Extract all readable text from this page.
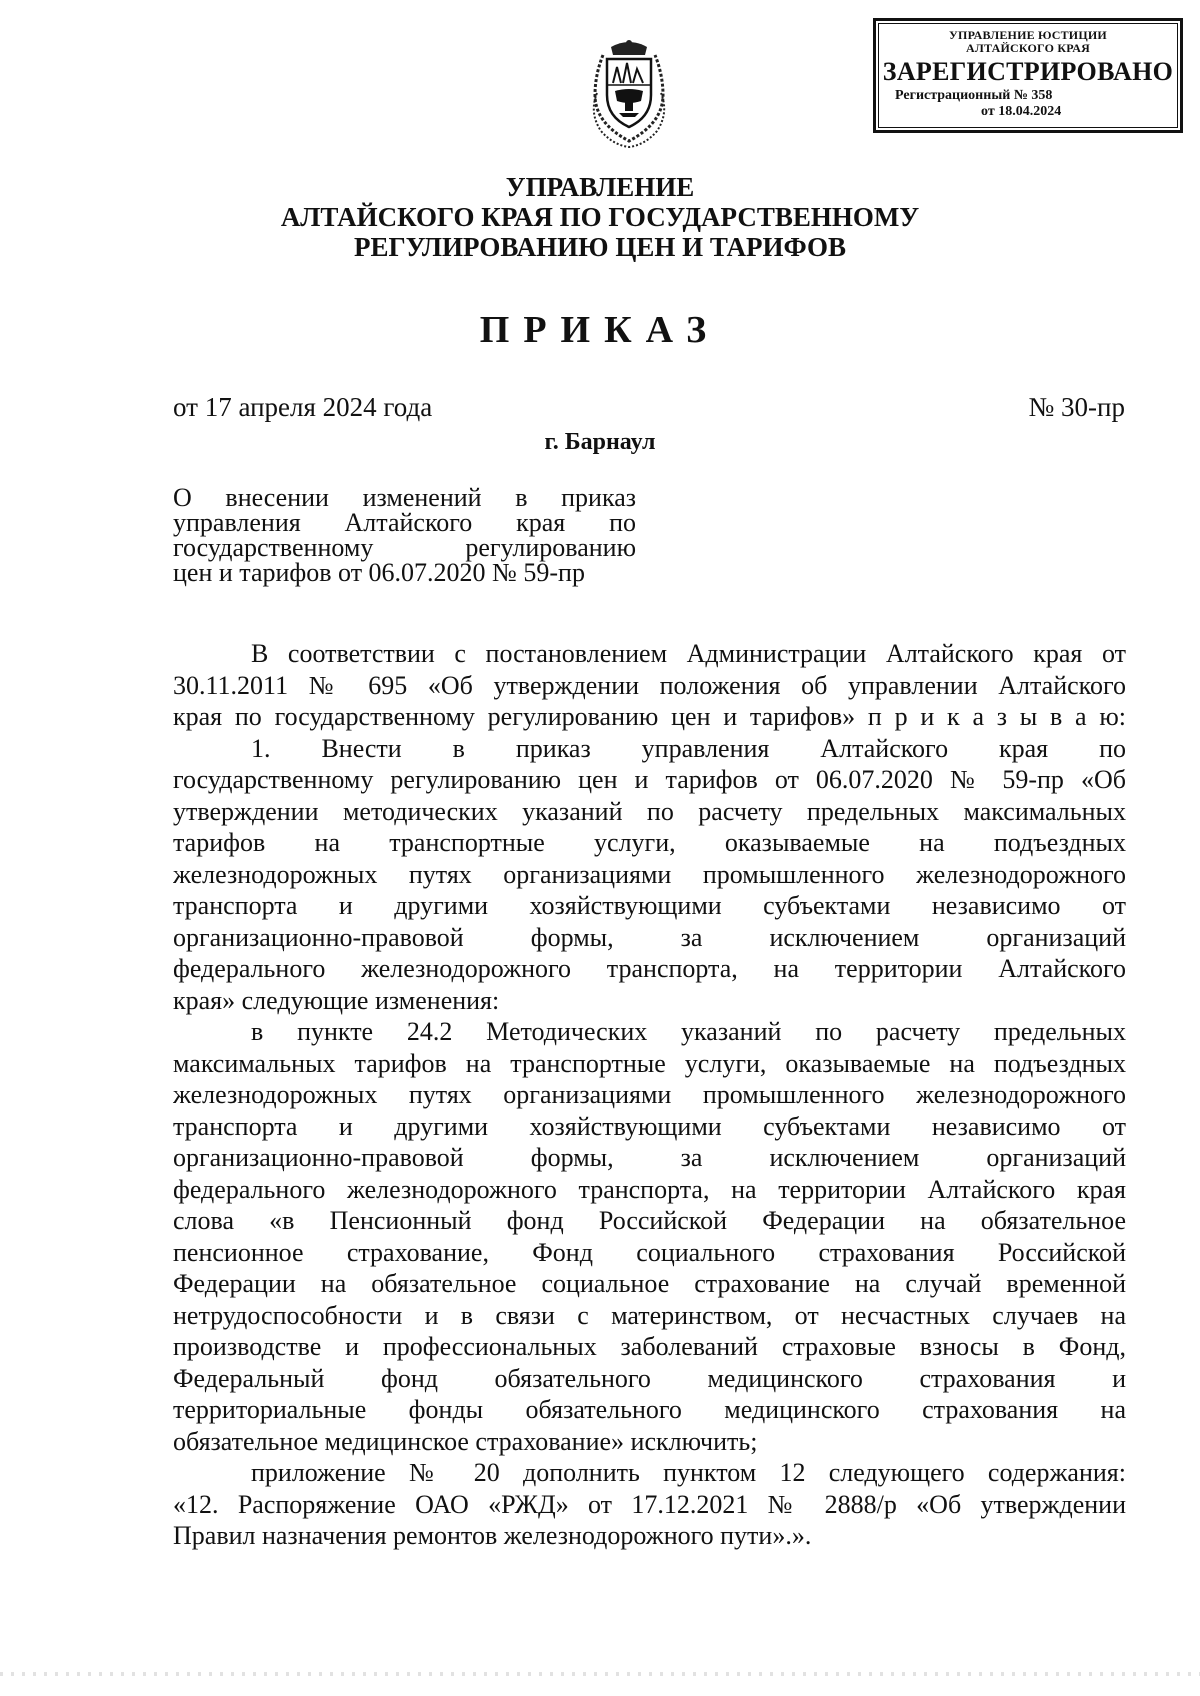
УПРАВЛЕНИЕ ЮСТИЦИИ
АЛТАЙСКОГО КРАЯ
ЗАРЕГИСТРИРОВАНО
Регистрационный № 358
от 18.04.2024
УПРАВЛЕНИЕ
АЛТАЙСКОГО КРАЯ ПО ГОСУДАРСТВЕННОМУ
РЕГУЛИРОВАНИЮ ЦЕН И ТАРИФОВ
ПРИКАЗ
от 17 апреля 2024 года	№ 30-пр
г. Барнаул
О внесении изменений в приказ
управления Алтайского края по
государственному регулированию
цен и тарифов от 06.07.2020 № 59-пр
В соответствии с постановлением Администрации Алтайского края от
30.11.2011 № 695 «Об утверждении положения об управлении Алтайского
края по государственному регулированию цен и тарифов» п р и к а з ы в а ю:
1. Внести в приказ управления Алтайского края по
государственному регулированию цен и тарифов от 06.07.2020 № 59-пр «Об
утверждении методических указаний по расчету предельных максимальных
тарифов на транспортные услуги, оказываемые на подъездных
железнодорожных путях организациями промышленного железнодорожного
транспорта и другими хозяйствующими субъектами независимо от
организационно-правовой формы, за исключением организаций
федерального железнодорожного транспорта, на территории Алтайского
края» следующие изменения:
в пункте 24.2 Методических указаний по расчету предельных
максимальных тарифов на транспортные услуги, оказываемые на подъездных
железнодорожных путях организациями промышленного железнодорожного
транспорта и другими хозяйствующими субъектами независимо от
организационно-правовой формы, за исключением организаций
федерального железнодорожного транспорта, на территории Алтайского края
слова «в Пенсионный фонд Российской Федерации на обязательное
пенсионное страхование, Фонд социального страхования Российской
Федерации на обязательное социальное страхование на случай временной
нетрудоспособности и в связи с материнством, от несчастных случаев на
производстве и профессиональных заболеваний страховые взносы в Фонд,
Федеральный фонд обязательного медицинского страхования и
территориальные фонды обязательного медицинского страхования на
обязательное медицинское страхование» исключить;
приложение № 20 дополнить пунктом 12 следующего содержания:
«12. Распоряжение ОАО «РЖД» от 17.12.2021 № 2888/р «Об утверждении
Правил назначения ремонтов железнодорожного пути».».
